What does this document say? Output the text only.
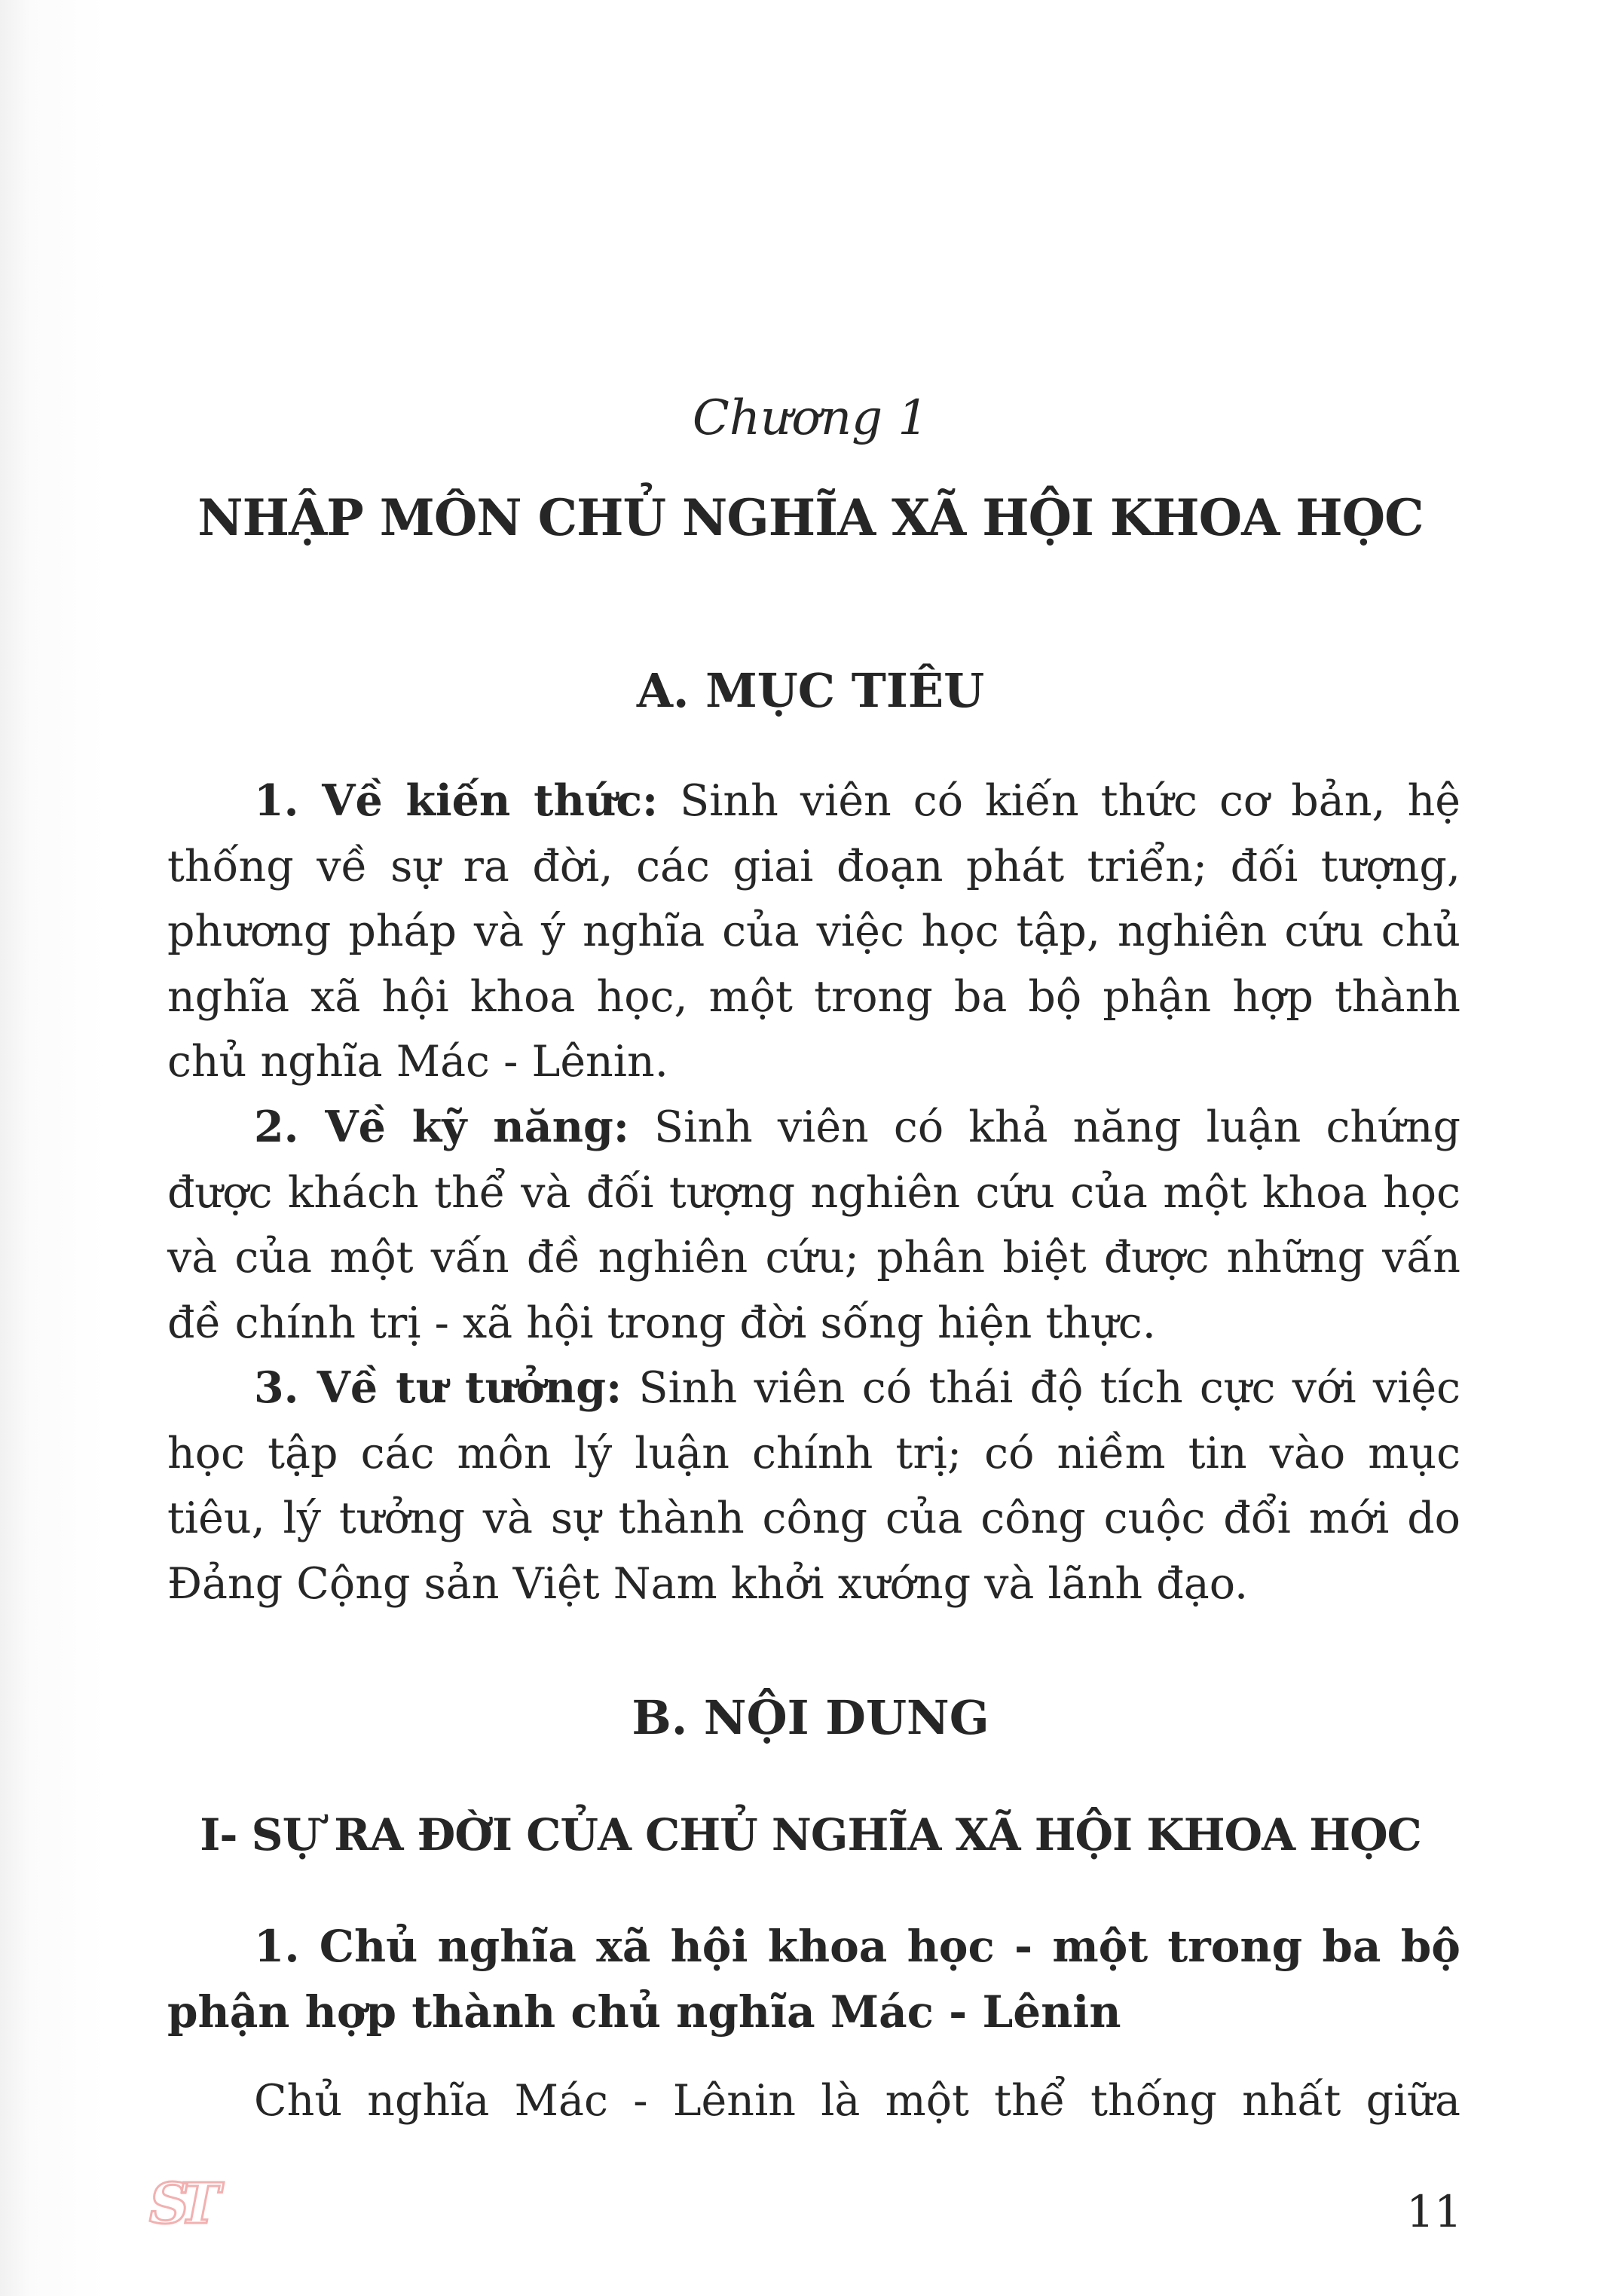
Chương 1

NHẬP MÔN CHỦ NGHĨA XÃ HỘI KHOA HỌC
A. MỤC TIÊU
1. Về kiến thức: Sinh viên có kiến thức cơ bản, hệ
thống về sự ra đời, các giai đoạn phát triển; đối tượng,
phương pháp và ý nghĩa của việc học tập, nghiên cứu chủ
nghĩa xã hội khoa học, một trong ba bộ phận hợp thành
chủ nghĩa Mác - Lênin.
2. Về kỹ năng: Sinh viên có khả năng luận chứng
được khách thể và đối tượng nghiên cứu của một khoa học
và của một vấn đề nghiên cứu; phân biệt được những vấn
đề chính trị - xã hội trong đời sống hiện thực.
3. Về tư tưởng: Sinh viên có thái độ tích cực với việc
học tập các môn lý luận chính trị; có niềm tin vào mục
tiêu, lý tưởng và sự thành công của công cuộc đổi mới do
Đảng Cộng sản Việt Nam khởi xướng và lãnh đạo.
B. NỘI DUNG
I- SỰ RA ĐỜI CỦA CHỦ NGHĨA XÃ HỘI KHOA HỌC
1. Chủ nghĩa xã hội khoa học - một trong ba bộ
phận hợp thành chủ nghĩa Mác - Lênin
Chủ nghĩa Mác - Lênin là một thể thống nhất giữa
ST	11
